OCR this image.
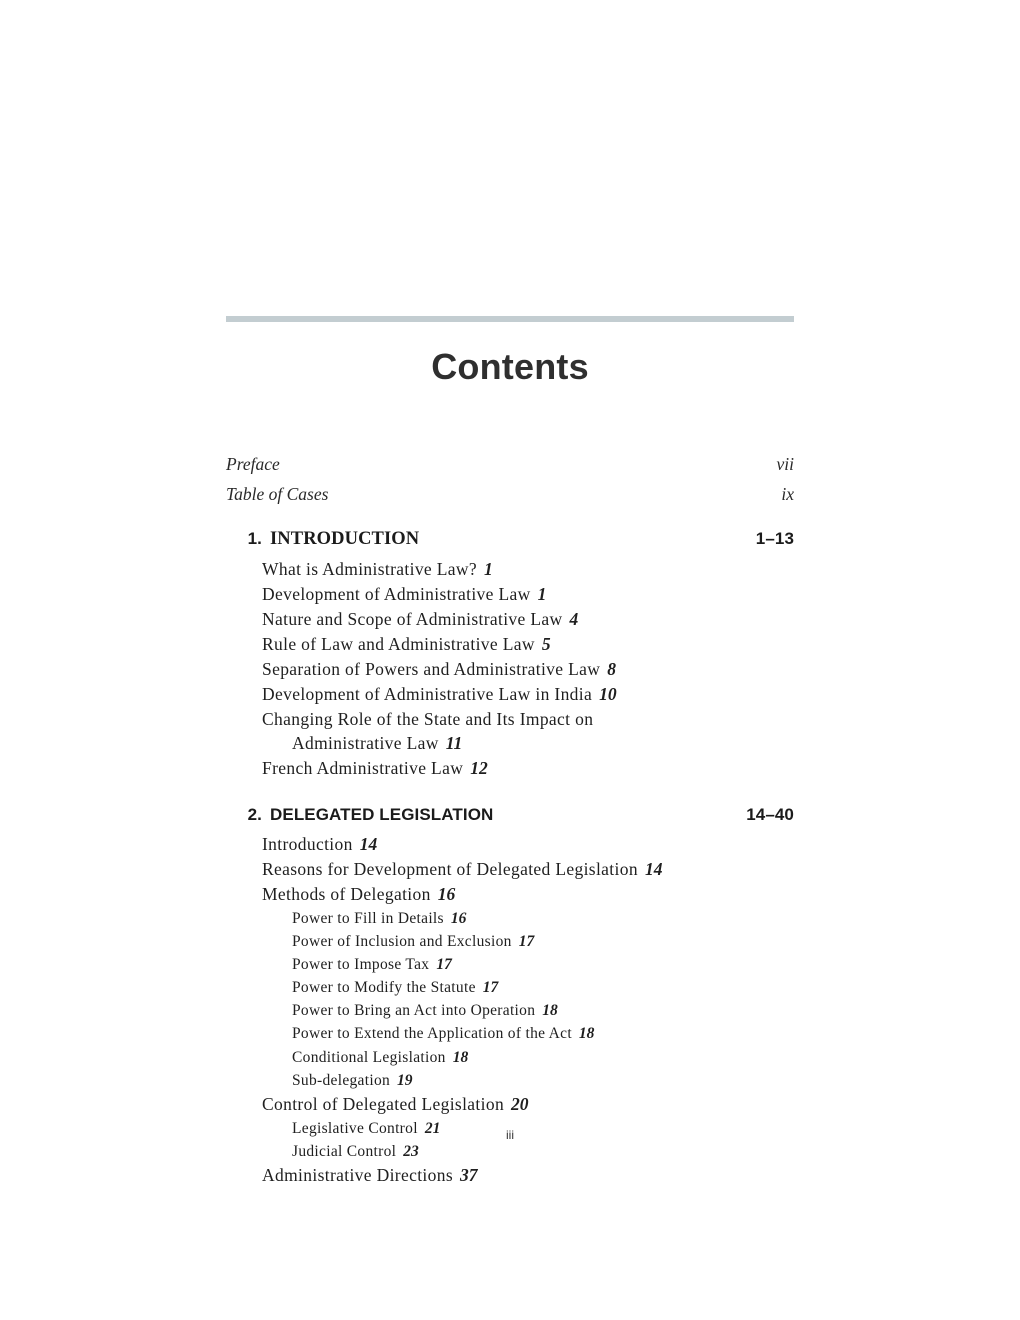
Contents
Preface	vii
Table of Cases	ix
1. INTRODUCTION	1–13
What is Administrative Law? 1
Development of Administrative Law 1
Nature and Scope of Administrative Law 4
Rule of Law and Administrative Law 5
Separation of Powers and Administrative Law 8
Development of Administrative Law in India 10
Changing Role of the State and Its Impact on
Administrative Law 11
French Administrative Law 12
2. DELEGATED LEGISLATION	14–40
Introduction 14
Reasons for Development of Delegated Legislation 14
Methods of Delegation 16
Power to Fill in Details 16
Power of Inclusion and Exclusion 17
Power to Impose Tax 17
Power to Modify the Statute 17
Power to Bring an Act into Operation 18
Power to Extend the Application of the Act 18
Conditional Legislation 18
Sub-delegation 19
Control of Delegated Legislation 20
Legislative Control 21
Judicial Control 23
Administrative Directions 37
iii
